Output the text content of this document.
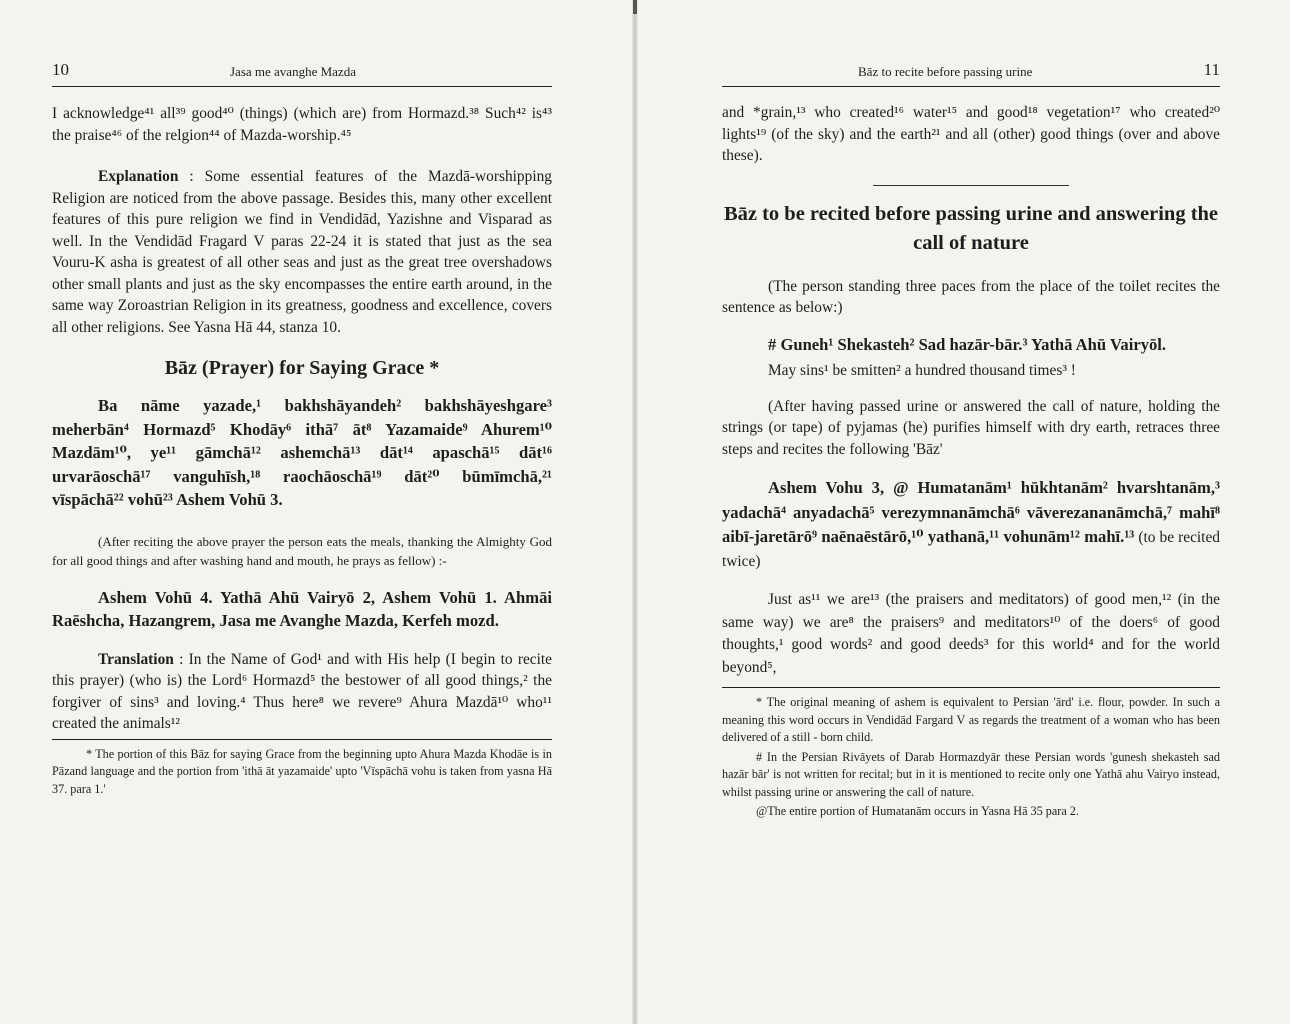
10	Jasa me avanghe Mazda

I acknowledge⁴¹ all³⁹ good⁴⁰ (things) (which are) from Hormazd.³⁸ Such⁴² is⁴³ the praise⁴⁶ of the relgion⁴⁴ of Mazda-worship.⁴⁵

Explanation : Some essential features of the Mazdā-worshipping Religion are noticed from the above passage. Besides this, many other excellent features of this pure religion we find in Vendidād, Yazishne and Visparad as well. In the Vendidād Fragard V paras 22-24 it is stated that just as the sea Vouru-K asha is greatest of all other seas and just as the great tree overshadows other small plants and just as the sky encompasses the entire earth around, in the same way Zoroastrian Religion in its greatness, goodness and excellence, covers all other religions. See Yasna Hā 44, stanza 10.

Bāz (Prayer) for Saying Grace *

Ba nāme yazade,¹ bakhshāyandeh² bakhshāyeshgare³ meherbān⁴ Hormazd⁵ Khodāy⁶ ithā⁷ āt⁸ Yazamaide⁹ Ahurem¹⁰ Mazdām¹⁰, ye¹¹ gāmchā¹² ashemchā¹³ dāt¹⁴ apaschā¹⁵ dāt¹⁶ urvarāoschā¹⁷ vanguhīsh,¹⁸ raochāoschā¹⁹ dāt²⁰ būmīmchā,²¹ vīspāchā²² vohū²³ Ashem Vohū 3.

(After reciting the above prayer the person eats the meals, thanking the Almighty God for all good things and after washing hand and mouth, he prays as fellow) :-

Ashem Vohū 4. Yathā Ahū Vairyō 2, Ashem Vohū 1. Ahmāi Raēshcha, Hazangrem, Jasa me Avanghe Mazda, Kerfeh mozd.

Translation : In the Name of God¹ and with His help (I begin to recite this prayer) (who is) the Lord⁶ Hormazd⁵ the bestower of all good things,² the forgiver of sins³ and loving.⁴ Thus here⁸ we revere⁹ Ahura Mazdā¹⁰ who¹¹ created the animals¹²

* The portion of this Bāz for saying Grace from the beginning upto Ahura Mazda Khodāe is in Pāzand language and the portion from 'ithā āt yazamaide' upto 'Vīspāchā vohu is taken from yasna Hā 37. para 1.'

Bāz to recite before passing urine	11

and *grain,¹³ who created¹⁶ water¹⁵ and good¹⁸ vegetation¹⁷ who created²⁰ lights¹⁹ (of the sky) and the earth²¹ and all (other) good things (over and above these).

Bāz to be recited before passing urine and answering the call of nature

(The person standing three paces from the place of the toilet recites the sentence as below:)

# Guneh¹ Shekasteh² Sad hazār-bār.³ Yathā Ahū Vairyōl.

May sins¹ be smitten² a hundred thousand times³ !

(After having passed urine or answered the call of nature, holding the strings (or tape) of pyjamas (he) purifies himself with dry earth, retraces three steps and recites the following 'Bāz'

Ashem Vohu 3, @ Humatanām¹ hūkhtanām² hvarshtanām,³ yadachā⁴ anyadachā⁵ verezymnanāmchā⁶ vāverezananāmchā,⁷ mahī⁸ aibī-jaretārō⁹ naēnaēstārō,¹⁰ yathanā,¹¹ vohunām¹² mahī.¹³ (to be recited twice)

Just as¹¹ we are¹³ (the praisers and meditators) of good men,¹² (in the same way) we are⁸ the praisers⁹ and meditators¹⁰ of the doers⁶ of good thoughts,¹ good words² and good deeds³ for this world⁴ and for the world beyond⁵,

* The original meaning of ashem is equivalent to Persian 'ārd' i.e. flour, powder. In such a meaning this word occurs in Vendidād Fargard V as regards the treatment of a woman who has been delivered of a still - born child.

# In the Persian Rivāyets of Darab Hormazdyār these Persian words 'gunesh shekasteh sad hazār bār' is not written for recital; but in it is mentioned to recite only one Yathā ahu Vairyo instead, whilst passing urine or answering the call of nature.

@The entire portion of Humatanām occurs in Yasna Hā 35 para 2.
